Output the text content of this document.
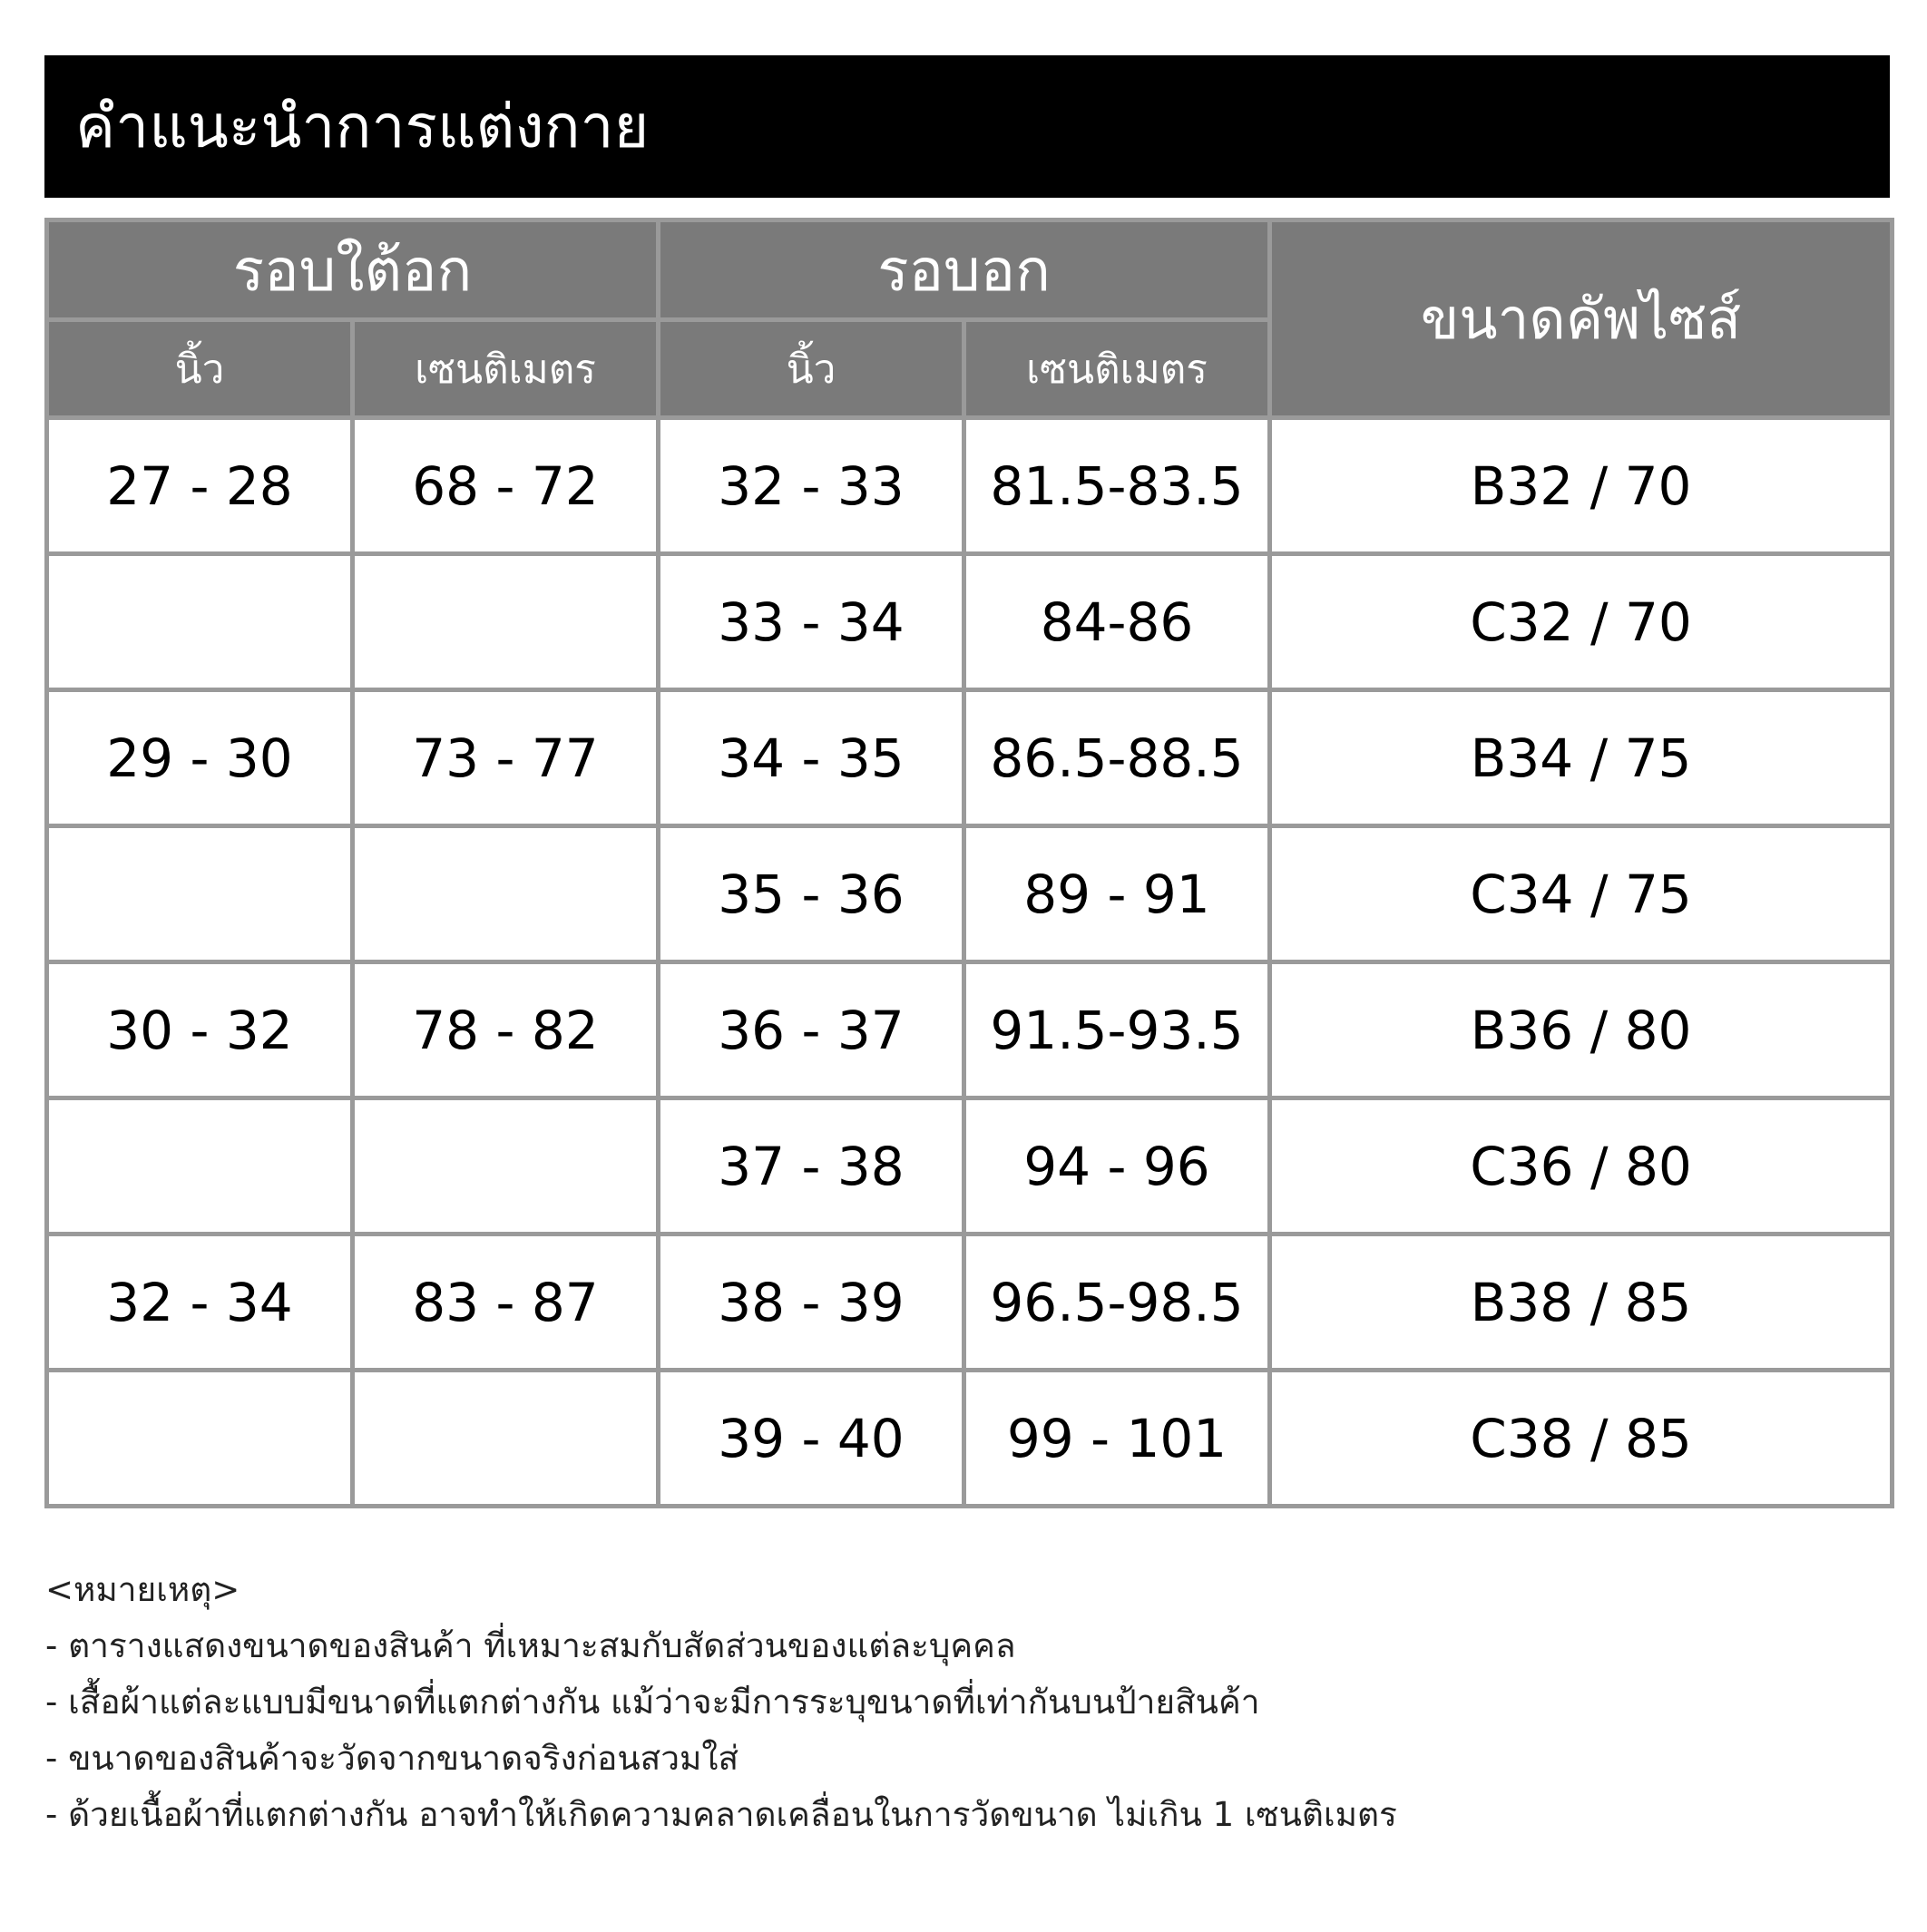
คำแนะนำการแต่งกาย
รอบใต้อก		รอบอก		ขนาดคัพไซส์
นิ้ว	เซนติเมตร	นิ้ว	เซนติเมตร	
27 - 28	68 - 72	32 - 33	81.5-83.5	B32 / 70
		33 - 34	84-86	C32 / 70
29 - 30	73 - 77	34 - 35	86.5-88.5	B34 / 75
		35 - 36	89 - 91	C34 / 75
30 - 32	78 - 82	36 - 37	91.5-93.5	B36 / 80
		37 - 38	94 - 96	C36 / 80
32 - 34	83 - 87	38 - 39	96.5-98.5	B38 / 85
		39 - 40	99 - 101	C38 / 85
<หมายเหตุ>
- ตารางแสดงขนาดของสินค้า ที่เหมาะสมกับสัดส่วนของแต่ละบุคคล
- เสื้อผ้าแต่ละแบบมีขนาดที่แตกต่างกัน แม้ว่าจะมีการระบุขนาดที่เท่ากันบนป้ายสินค้า
- ขนาดของสินค้าจะวัดจากขนาดจริงก่อนสวมใส่
- ด้วยเนื้อผ้าที่แตกต่างกัน อาจทำให้เกิดความคลาดเคลื่อนในการวัดขนาด ไม่เกิน 1 เซนติเมตร
